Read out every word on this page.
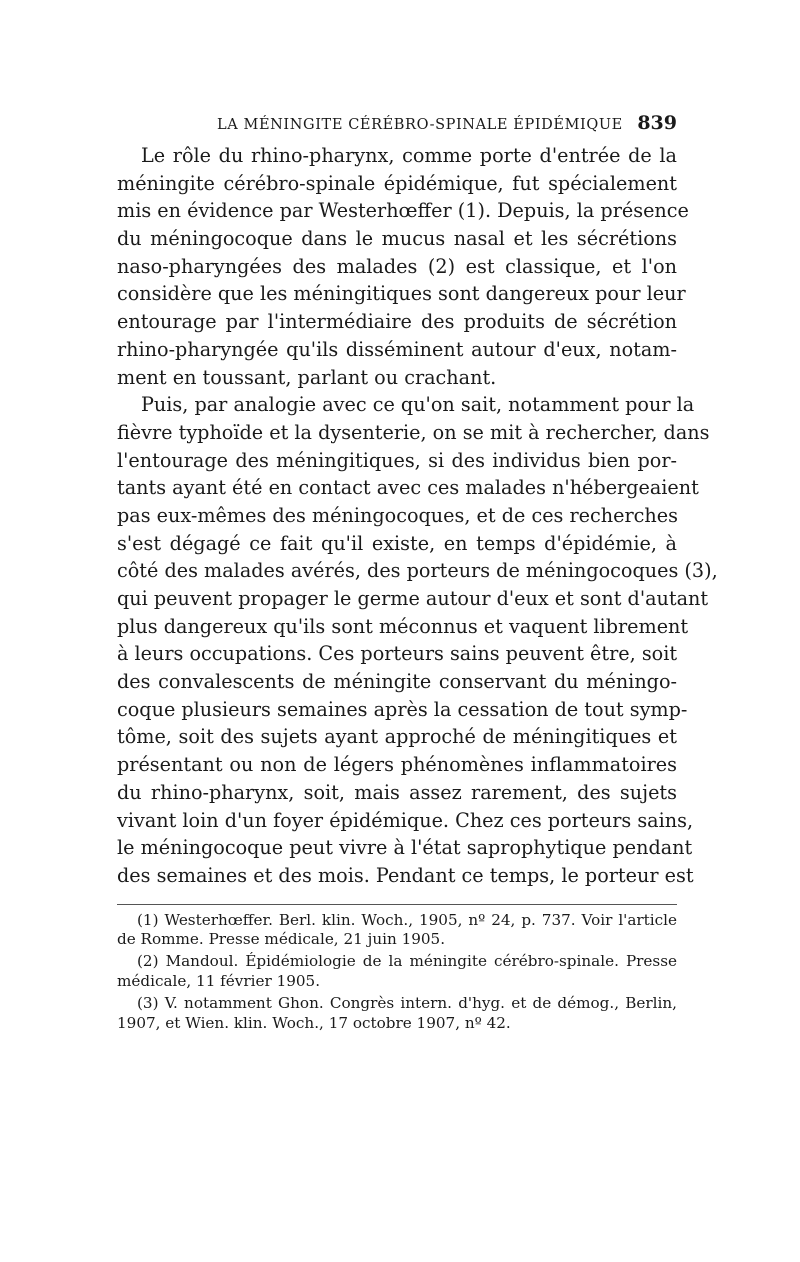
LA MÉNINGITE CÉRÉBRO-SPINALE ÉPIDÉMIQUE 839
Le rôle du rhino-pharynx, comme porte d'entrée de la
méningite cérébro-spinale épidémique, fut spécialement
mis en évidence par Westerhœffer (1). Depuis, la présence
du méningocoque dans le mucus nasal et les sécrétions
naso-pharyngées des malades (2) est classique, et l'on
considère que les méningitiques sont dangereux pour leur
entourage par l'intermédiaire des produits de sécrétion
rhino-pharyngée qu'ils disséminent autour d'eux, notam-
ment en toussant, parlant ou crachant.
Puis, par analogie avec ce qu'on sait, notamment pour la
fièvre typhoïde et la dysenterie, on se mit à rechercher, dans
l'entourage des méningitiques, si des individus bien por-
tants ayant été en contact avec ces malades n'hébergeaient
pas eux-mêmes des méningocoques, et de ces recherches
s'est dégagé ce fait qu'il existe, en temps d'épidémie, à
côté des malades avérés, des porteurs de méningocoques (3),
qui peuvent propager le germe autour d'eux et sont d'autant
plus dangereux qu'ils sont méconnus et vaquent librement
à leurs occupations. Ces porteurs sains peuvent être, soit
des convalescents de méningite conservant du méningo-
coque plusieurs semaines après la cessation de tout symp-
tôme, soit des sujets ayant approché de méningitiques et
présentant ou non de légers phénomènes inflammatoires
du rhino-pharynx, soit, mais assez rarement, des sujets
vivant loin d'un foyer épidémique. Chez ces porteurs sains,
le méningocoque peut vivre à l'état saprophytique pendant
des semaines et des mois. Pendant ce temps, le porteur est
(1) Westerhœffer. Berl. klin. Woch., 1905, nº 24, p. 737. Voir l'article
de Romme. Presse médicale, 21 juin 1905.
(2) Mandoul. Épidémiologie de la méningite cérébro-spinale. Presse
médicale, 11 février 1905.
(3) V. notamment Ghon. Congrès intern. d'hyg. et de démog., Berlin,
1907, et Wien. klin. Woch., 17 octobre 1907, nº 42.
